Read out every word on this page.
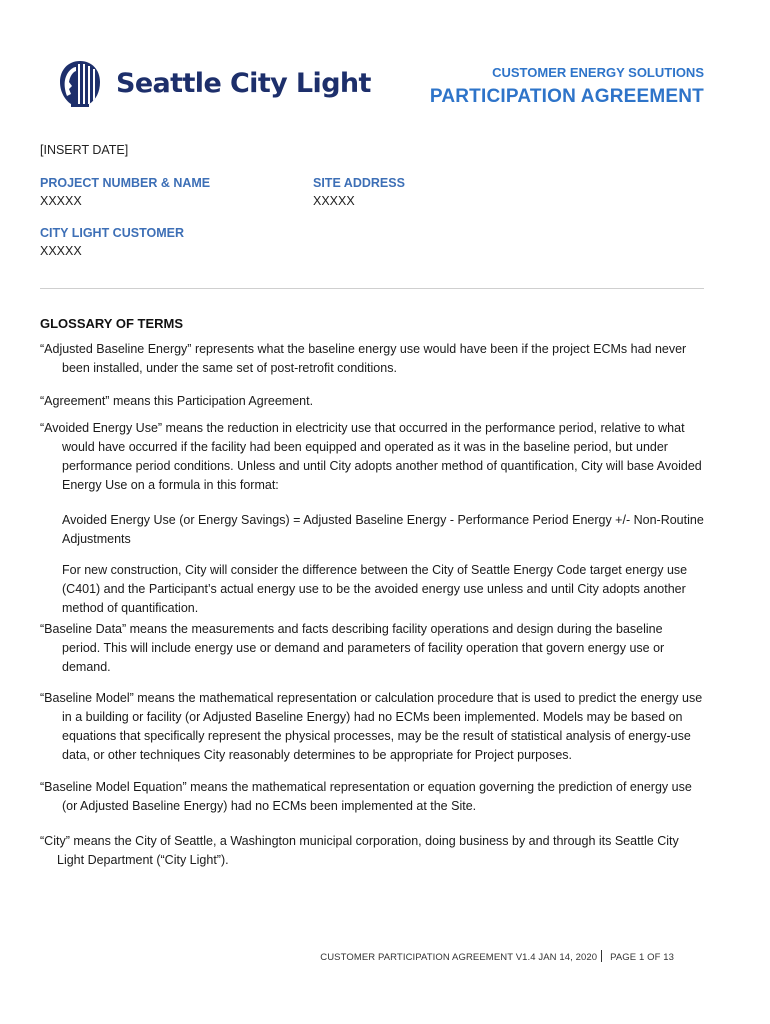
Seattle City Light	CUSTOMER ENERGY SOLUTIONS
PARTICIPATION AGREEMENT
[INSERT DATE]
PROJECT NUMBER & NAME
XXXXX
SITE ADDRESS
XXXXX
CITY LIGHT CUSTOMER
XXXXX
GLOSSARY OF TERMS

“Adjusted Baseline Energy” represents what the baseline energy use would have been if the project ECMs had never been installed, under the same set of post-retrofit conditions.

“Agreement” means this Participation Agreement.

“Avoided Energy Use” means the reduction in electricity use that occurred in the performance period, relative to what would have occurred if the facility had been equipped and operated as it was in the baseline period, but under performance period conditions. Unless and until City adopts another method of quantification, City will base Avoided Energy Use on a formula in this format:

Avoided Energy Use (or Energy Savings) = Adjusted Baseline Energy - Performance Period Energy +/- Non-Routine Adjustments

For new construction, City will consider the difference between the City of Seattle Energy Code target energy use (C401) and the Participant’s actual energy use to be the avoided energy use unless and until City adopts another method of quantification.

“Baseline Data” means the measurements and facts describing facility operations and design during the baseline period. This will include energy use or demand and parameters of facility operation that govern energy use or demand.

“Baseline Model” means the mathematical representation or calculation procedure that is used to predict the energy use in a building or facility (or Adjusted Baseline Energy) had no ECMs been implemented. Models may be based on equations that specifically represent the physical processes, may be the result of statistical analysis of energy-use data, or other techniques City reasonably determines to be appropriate for Project purposes.

“Baseline Model Equation” means the mathematical representation or equation governing the prediction of energy use (or Adjusted Baseline Energy) had no ECMs been implemented at the Site.

“City” means the City of Seattle, a Washington municipal corporation, doing business by and through its Seattle City Light Department (“City Light”).

CUSTOMER PARTICIPATION AGREEMENT V1.4 JAN 14, 2020 PAGE 1 OF 13
